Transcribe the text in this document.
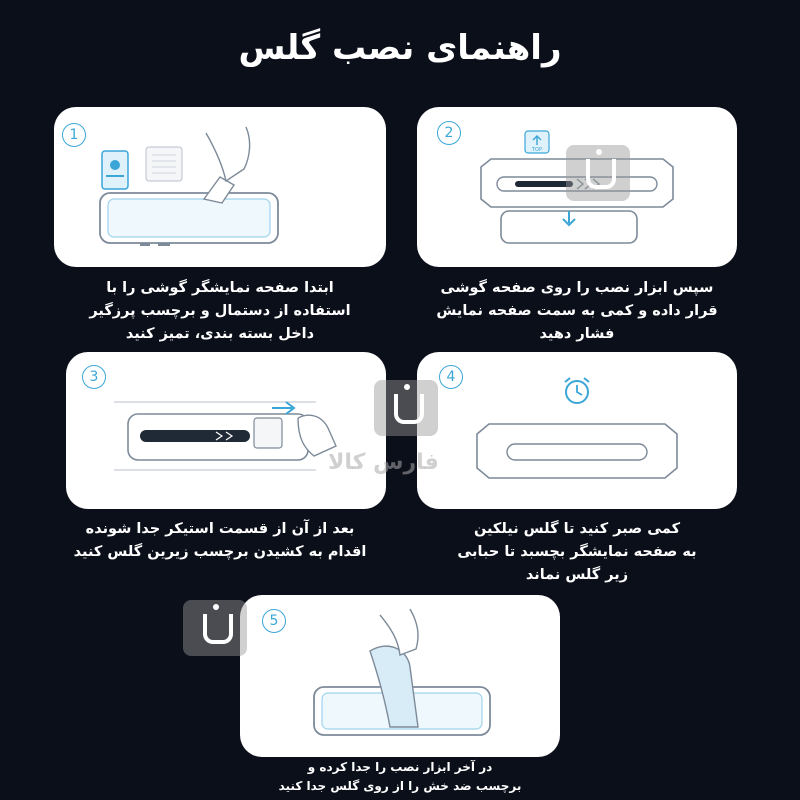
راهنمای نصب گلس
1
ابتدا صفحه نمایشگر گوشی را با
استفاده از دستمال و برچسب پرزگیر
داخل بسته بندی، تمیز کنید
TOP
2
سپس ابزار نصب را روی صفحه گوشی
قرار داده و کمی به سمت صفحه نمایش
فشار دهید
3
بعد از آن از قسمت استیکر جدا شونده
اقدام به کشیدن برچسب زیرین گلس کنید
4
کمی صبر کنید تا گلس نیلکین
به صفحه نمایشگر بچسبد تا حبابی
زیر گلس نماند
5
در آخر ابزار نصب را جدا کرده و
برچسب ضد خش را از روی گلس جدا کنید
فارس کالا
